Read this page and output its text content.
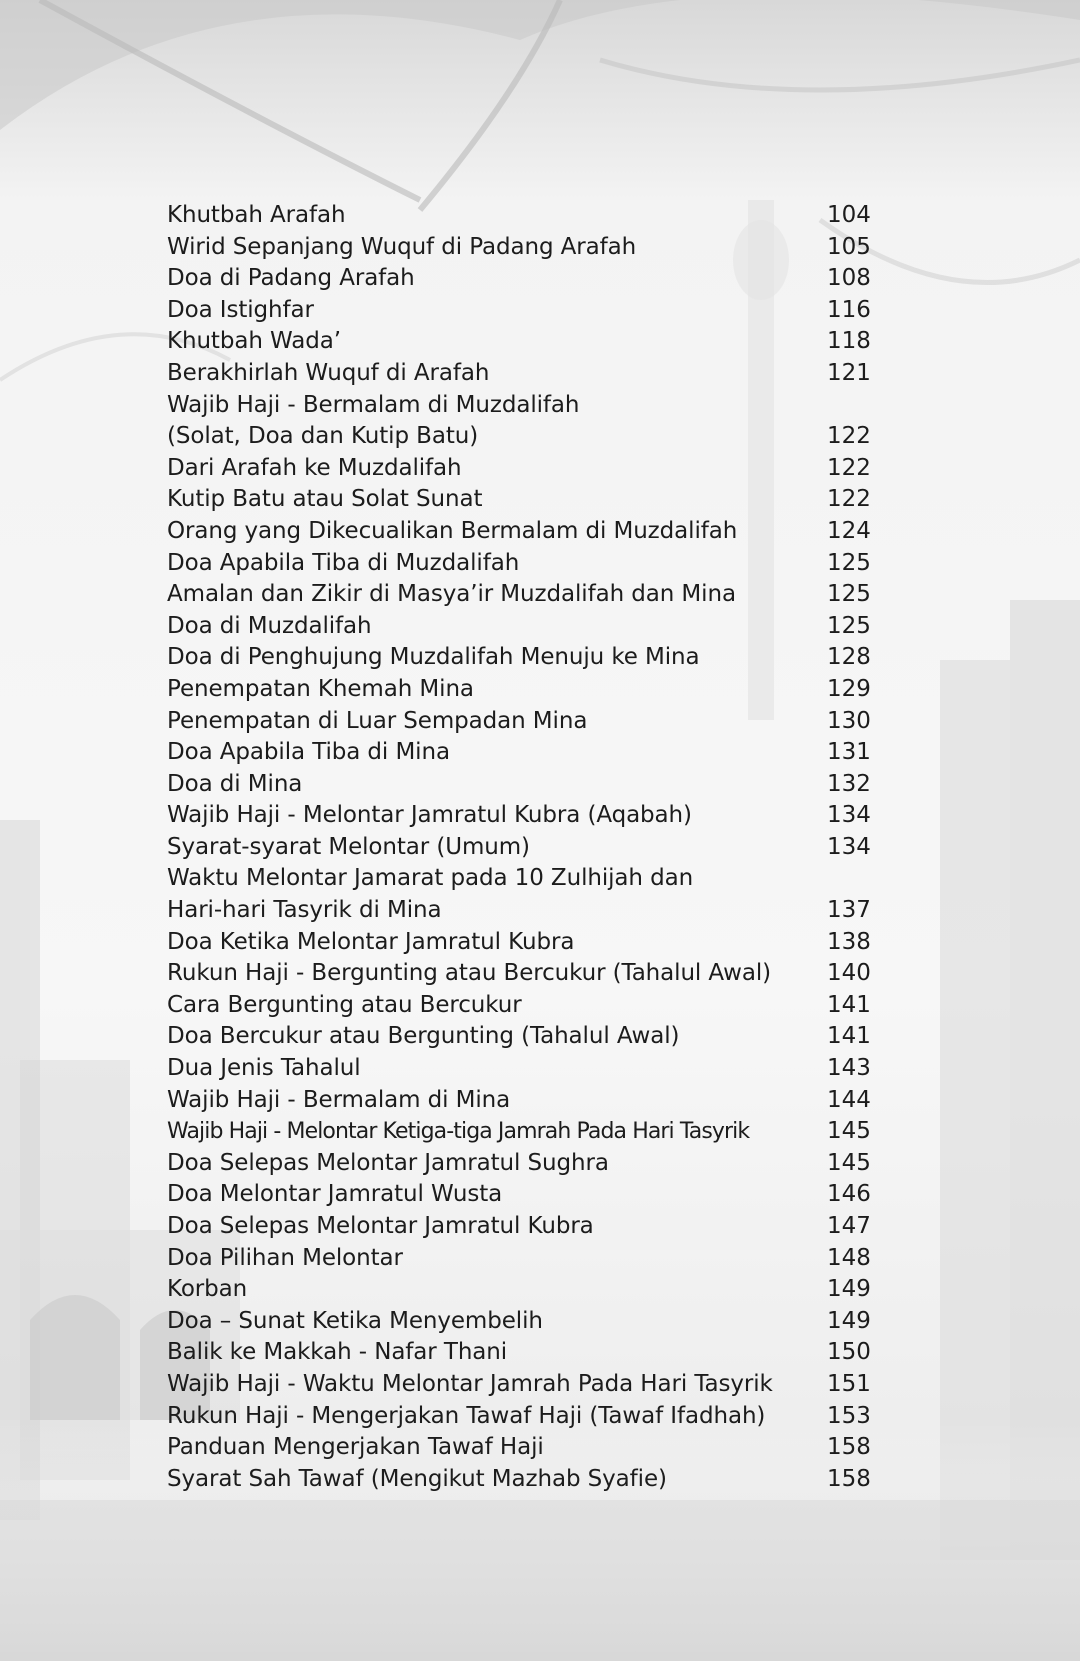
Khutbah Arafah	104
Wirid Sepanjang Wuquf di Padang Arafah	105
Doa di Padang Arafah	108
Doa Istighfar	116
Khutbah Wada’	118
Berakhirlah Wuquf di Arafah	121
Wajib Haji - Bermalam di Muzdalifah
(Solat, Doa dan Kutip Batu)	122
Dari Arafah ke Muzdalifah	122
Kutip Batu atau Solat Sunat	122
Orang yang Dikecualikan Bermalam di Muzdalifah	124
Doa Apabila Tiba di Muzdalifah	125
Amalan dan Zikir di Masya’ir Muzdalifah dan Mina	125
Doa di Muzdalifah	125
Doa di Penghujung Muzdalifah Menuju ke Mina	128
Penempatan Khemah Mina	129
Penempatan di Luar Sempadan Mina	130
Doa Apabila Tiba di Mina	131
Doa di Mina	132
Wajib Haji - Melontar Jamratul Kubra (Aqabah)	134
Syarat-syarat Melontar (Umum)	134
Waktu Melontar Jamarat pada 10 Zulhijah dan
Hari-hari Tasyrik di Mina	137
Doa Ketika Melontar Jamratul Kubra	138
Rukun Haji - Bergunting atau Bercukur (Tahalul Awal) 140
Cara Bergunting atau Bercukur	141
Doa Bercukur atau Bergunting (Tahalul Awal)	141
Dua Jenis Tahalul	143
Wajib Haji - Bermalam di Mina	144
Wajib Haji - Melontar Ketiga-tiga Jamrah Pada Hari Tasyrik	145
Doa Selepas Melontar Jamratul Sughra	145
Doa Melontar Jamratul Wusta	146
Doa Selepas Melontar Jamratul Kubra	147
Doa Pilihan Melontar	148
Korban	149
Doa – Sunat Ketika Menyembelih	149
Balik ke Makkah - Nafar Thani	150
Wajib Haji - Waktu Melontar Jamrah Pada Hari Tasyrik 151
Rukun Haji - Mengerjakan Tawaf Haji (Tawaf Ifadhah)	153
Panduan Mengerjakan Tawaf Haji	158
Syarat Sah Tawaf (Mengikut Mazhab Syafie)	158
